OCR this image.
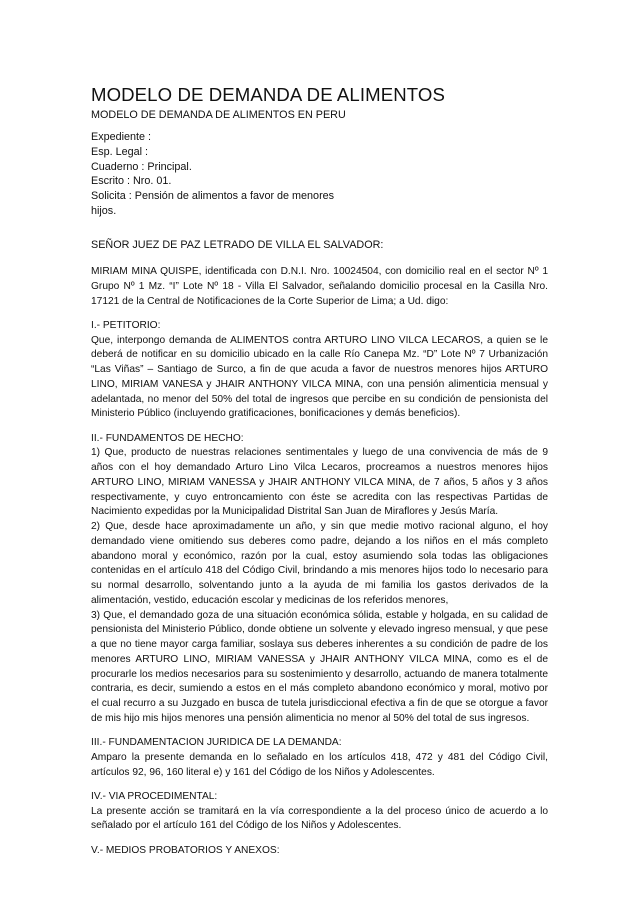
MODELO DE DEMANDA DE ALIMENTOS
MODELO DE DEMANDA DE ALIMENTOS EN PERU
Expediente :
Esp. Legal :
Cuaderno : Principal.
Escrito : Nro. 01.
Solicita : Pensión de alimentos a favor de menores
hijos.
SEÑOR JUEZ DE PAZ LETRADO DE VILLA EL SALVADOR:

MIRIAM MINA QUISPE, identificada con D.N.I. Nro. 10024504, con domicilio real en el sector Nº 1 Grupo Nº 1 Mz. “I” Lote Nº 18 - Villa El Salvador, señalando domicilio procesal en la Casilla Nro. 17121 de la Central de Notificaciones de la Corte Superior de Lima; a Ud. digo:

I.- PETITORIO:

Que, interpongo demanda de ALIMENTOS contra ARTURO LINO VILCA LECAROS, a quien se le deberá de notificar en su domicilio ubicado en la calle Río Canepa Mz. “D” Lote Nº 7 Urbanización “Las Viñas” – Santiago de Surco, a fin de que acuda a favor de nuestros menores hijos ARTURO LINO, MIRIAM VANESA y JHAIR ANTHONY VILCA MINA, con una pensión alimenticia mensual y adelantada, no menor del 50% del total de ingresos que percibe en su condición de pensionista del Ministerio Público (incluyendo gratificaciones, bonificaciones y demás beneficios).

II.- FUNDAMENTOS DE HECHO:

1) Que, producto de nuestras relaciones sentimentales y luego de una convivencia de más de 9 años con el hoy demandado Arturo Lino Vilca Lecaros, procreamos a nuestros menores hijos ARTURO LINO, MIRIAM VANESSA y JHAIR ANTHONY VILCA MINA, de 7 años, 5 años y 3 años respectivamente, y cuyo entroncamiento con éste se acredita con las respectivas Partidas de Nacimiento expedidas por la Municipalidad Distrital San Juan de Miraflores y Jesús María.

2) Que, desde hace aproximadamente un año, y sin que medie motivo racional alguno, el hoy demandado viene omitiendo sus deberes como padre, dejando a los niños en el más completo abandono moral y económico, razón por la cual, estoy asumiendo sola todas las obligaciones contenidas en el artículo 418 del Código Civil, brindando a mis menores hijos todo lo necesario para su normal desarrollo, solventando junto a la ayuda de mi familia los gastos derivados de la alimentación, vestido, educación escolar y medicinas de los referidos menores,

3) Que, el demandado goza de una situación económica sólida, estable y holgada, en su calidad de pensionista del Ministerio Público, donde obtiene un solvente y elevado ingreso mensual, y que pese a que no tiene mayor carga familiar, soslaya sus deberes inherentes a su condición de padre de los menores ARTURO LINO, MIRIAM VANESSA y JHAIR ANTHONY VILCA MINA, como es el de procurarle los medios necesarios para su sostenimiento y desarrollo, actuando de manera totalmente contraria, es decir, sumiendo a estos en el más completo abandono económico y moral, motivo por el cual recurro a su Juzgado en busca de tutela jurisdiccional efectiva a fin de que se otorgue a favor de mis hijo mis hijos menores una pensión alimenticia no menor al 50% del total de sus ingresos.

III.- FUNDAMENTACION JURIDICA DE LA DEMANDA:

Amparo la presente demanda en lo señalado en los artículos 418, 472 y 481 del Código Civil, artículos 92, 96, 160 literal e) y 161 del Código de los Niños y Adolescentes.

IV.- VIA PROCEDIMENTAL:

La presente acción se tramitará en la vía correspondiente a la del proceso único de acuerdo a lo señalado por el artículo 161 del Código de los Niños y Adolescentes.

V.- MEDIOS PROBATORIOS Y ANEXOS:
